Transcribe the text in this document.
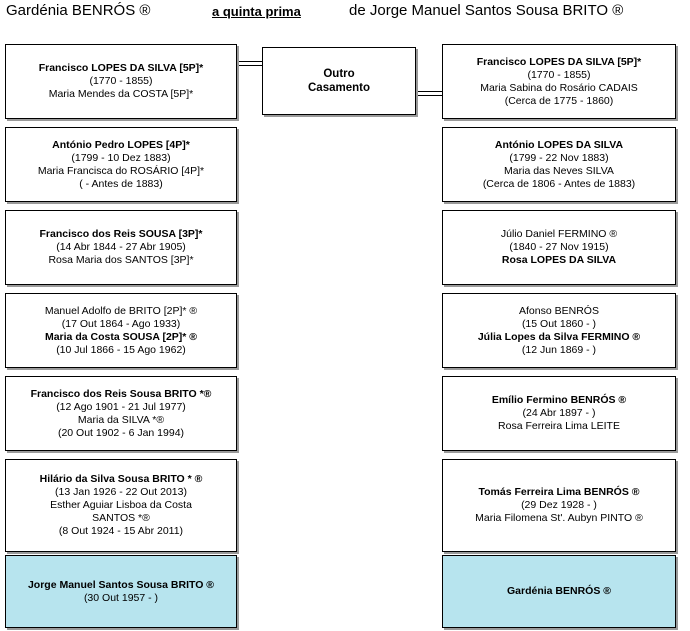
Gardénia BENRÓS ®	a quinta prima	de Jorge Manuel Santos Sousa BRITO ®
Outro
Casamento
Francisco LOPES DA SILVA [5P]*
(1770 - 1855)
Maria Mendes da COSTA [5P]*
António Pedro LOPES [4P]*
(1799 - 10 Dez 1883)
Maria Francisca do ROSÁRIO [4P]*
( - Antes de 1883)
Francisco dos Reis SOUSA [3P]*
(14 Abr 1844 - 27 Abr 1905)
Rosa Maria dos SANTOS [3P]*
Manuel Adolfo de BRITO [2P]* ®
(17 Out 1864 - Ago 1933)
Maria da Costa SOUSA [2P]* ®
(10 Jul 1866 - 15 Ago 1962)
Francisco dos Reis Sousa BRITO *®
(12 Ago 1901 - 21 Jul 1977)
Maria da SILVA *®
(20 Out 1902 - 6 Jan 1994)
Hilário da Silva Sousa BRITO * ®
(13 Jan 1926 - 22 Out 2013)
Esther Aguiar Lisboa da Costa
SANTOS *®
(8 Out 1924 - 15 Abr 2011)
Jorge Manuel Santos Sousa BRITO ®
(30 Out 1957 - )
Francisco LOPES DA SILVA [5P]*
(1770 - 1855)
Maria Sabina do Rosário CADAIS
(Cerca de 1775 - 1860)
António LOPES DA SILVA
(1799 - 22 Nov 1883)
Maria das Neves SILVA
(Cerca de 1806 - Antes de 1883)
Júlio Daniel FERMINO ®
(1840 - 27 Nov 1915)
Rosa LOPES DA SILVA
Afonso BENRÓS
(15 Out 1860 - )
Júlia Lopes da Silva FERMINO ®
(12 Jun 1869 - )
Emílio Fermino BENRÓS ®
(24 Abr 1897 - )
Rosa Ferreira Lima LEITE
Tomás Ferreira Lima BENRÓS ®
(29 Dez 1928 - )
Maria Filomena St'. Aubyn PINTO ®
Gardénia BENRÓS ®
